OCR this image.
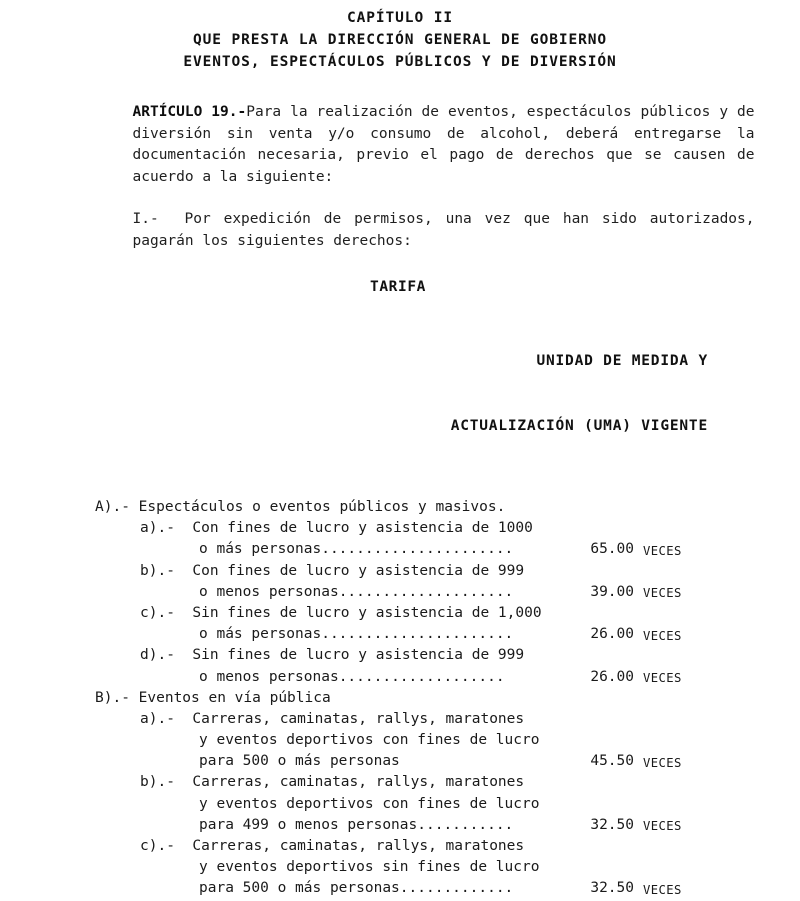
CAPÍTULO II
QUE PRESTA LA DIRECCIÓN GENERAL DE GOBIERNO
EVENTOS, ESPECTÁCULOS PÚBLICOS Y DE DIVERSIÓN

ARTÍCULO 19.-Para la realización de eventos, espectáculos públicos y de diversión sin venta y/o consumo de alcohol, deberá entregarse la documentación necesaria, previo el pago de derechos que se causen de acuerdo a la siguiente:

I.- Por expedición de permisos, una vez que han sido autorizados, pagarán los siguientes derechos:

TARIFA

UNIDAD DE MEDIDA Y

ACTUALIZACIÓN (UMA) VIGENTE

A).- Espectáculos o eventos públicos y masivos.
a).- Con fines de lucro y asistencia de 1000
o más personas......................	65.00 VECES
b).- Con fines de lucro y asistencia de 999
o menos personas....................	39.00 VECES
c).- Sin fines de lucro y asistencia de 1,000
o más personas......................	26.00 VECES
d).- Sin fines de lucro y asistencia de 999
o menos personas...................	26.00 VECES
B).- Eventos en vía pública
a).- Carreras, caminatas, rallys, maratones
y eventos deportivos con fines de lucro
para 500 o más personas	45.50 VECES
b).- Carreras, caminatas, rallys, maratones
y eventos deportivos con fines de lucro
para 499 o menos personas...........	32.50 VECES
c).- Carreras, caminatas, rallys, maratones
y eventos deportivos sin fines de lucro
para 500 o más personas.............	32.50 VECES
